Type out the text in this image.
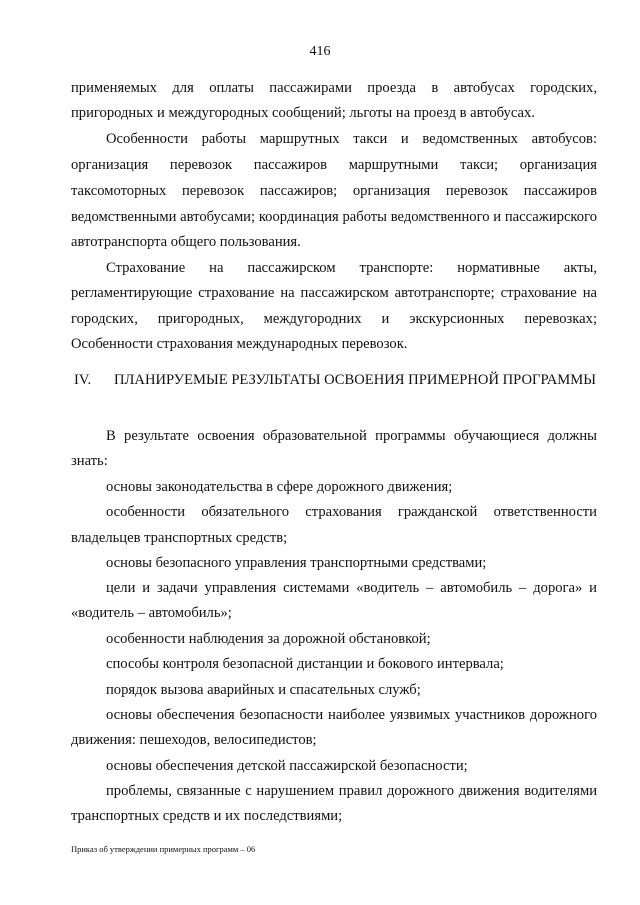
416
применяемых для оплаты пассажирами проезда в автобусах городских,
пригородных и междугородных сообщений; льготы на проезд в автобусах.
Особенности работы маршрутных такси и ведомственных автобусов:
организация перевозок пассажиров маршрутными такси; организация
таксомоторных перевозок пассажиров; организация перевозок пассажиров
ведомственными автобусами; координация работы ведомственного и пассажирского
автотранспорта общего пользования.
Страхование на пассажирском транспорте: нормативные акты,
регламентирующие страхование на пассажирском автотранспорте; страхование на
городских, пригородных, междугородних и экскурсионных перевозках;
Особенности страхования международных перевозок.
IV. ПЛАНИРУЕМЫЕ РЕЗУЛЬТАТЫ ОСВОЕНИЯ ПРИМЕРНОЙ ПРОГРАММЫ
В результате освоения образовательной программы обучающиеся должны
знать:
основы законодательства в сфере дорожного движения;
особенности обязательного страхования гражданской ответственности
владельцев транспортных средств;
основы безопасного управления транспортными средствами;
цели и задачи управления системами «водитель – автомобиль – дорога» и
«водитель – автомобиль»;
особенности наблюдения за дорожной обстановкой;
способы контроля безопасной дистанции и бокового интервала;
порядок вызова аварийных и спасательных служб;
основы обеспечения безопасности наиболее уязвимых участников дорожного
движения: пешеходов, велосипедистов;
основы обеспечения детской пассажирской безопасности;
проблемы, связанные с нарушением правил дорожного движения водителями
транспортных средств и их последствиями;
Приказ об утверждении примерных программ – 06
